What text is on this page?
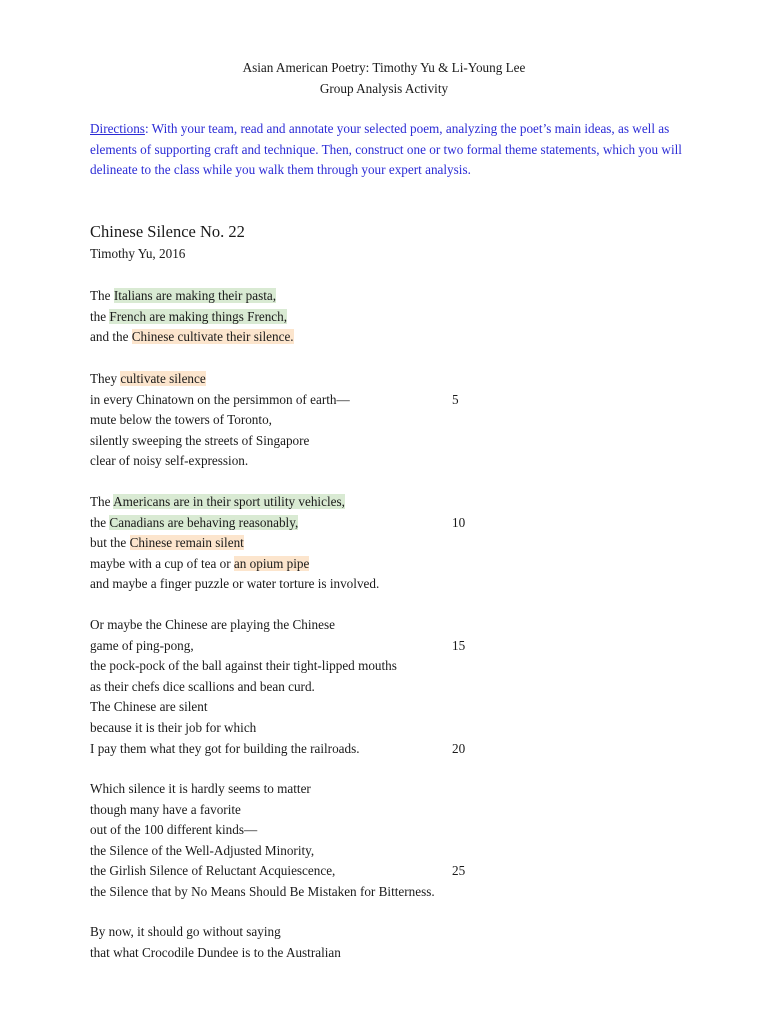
Asian American Poetry: Timothy Yu & Li-Young Lee
Group Analysis Activity
Directions: With your team, read and annotate your selected poem, analyzing the poet’s main ideas, as well as elements of supporting craft and technique. Then, construct one or two formal theme statements, which you will delineate to the class while you walk them through your expert analysis.
Chinese Silence No. 22
Timothy Yu, 2016
The Italians are making their pasta,
the French are making things French,
and the Chinese cultivate their silence.
They cultivate silence
in every Chinatown on the persimmon of earth—	5
mute below the towers of Toronto,
silently sweeping the streets of Singapore
clear of noisy self-expression.
The Americans are in their sport utility vehicles,
the Canadians are behaving reasonably,	10
but the Chinese remain silent
maybe with a cup of tea or an opium pipe
and maybe a finger puzzle or water torture is involved.
Or maybe the Chinese are playing the Chinese
game of ping-pong,	15
the pock-pock of the ball against their tight-lipped mouths
as their chefs dice scallions and bean curd.
The Chinese are silent
because it is their job for which
I pay them what they got for building the railroads.	20
Which silence it is hardly seems to matter
though many have a favorite
out of the 100 different kinds—
the Silence of the Well-Adjusted Minority,
the Girlish Silence of Reluctant Acquiescence,	25
the Silence that by No Means Should Be Mistaken for Bitterness.
By now, it should go without saying
that what Crocodile Dundee is to the Australian
